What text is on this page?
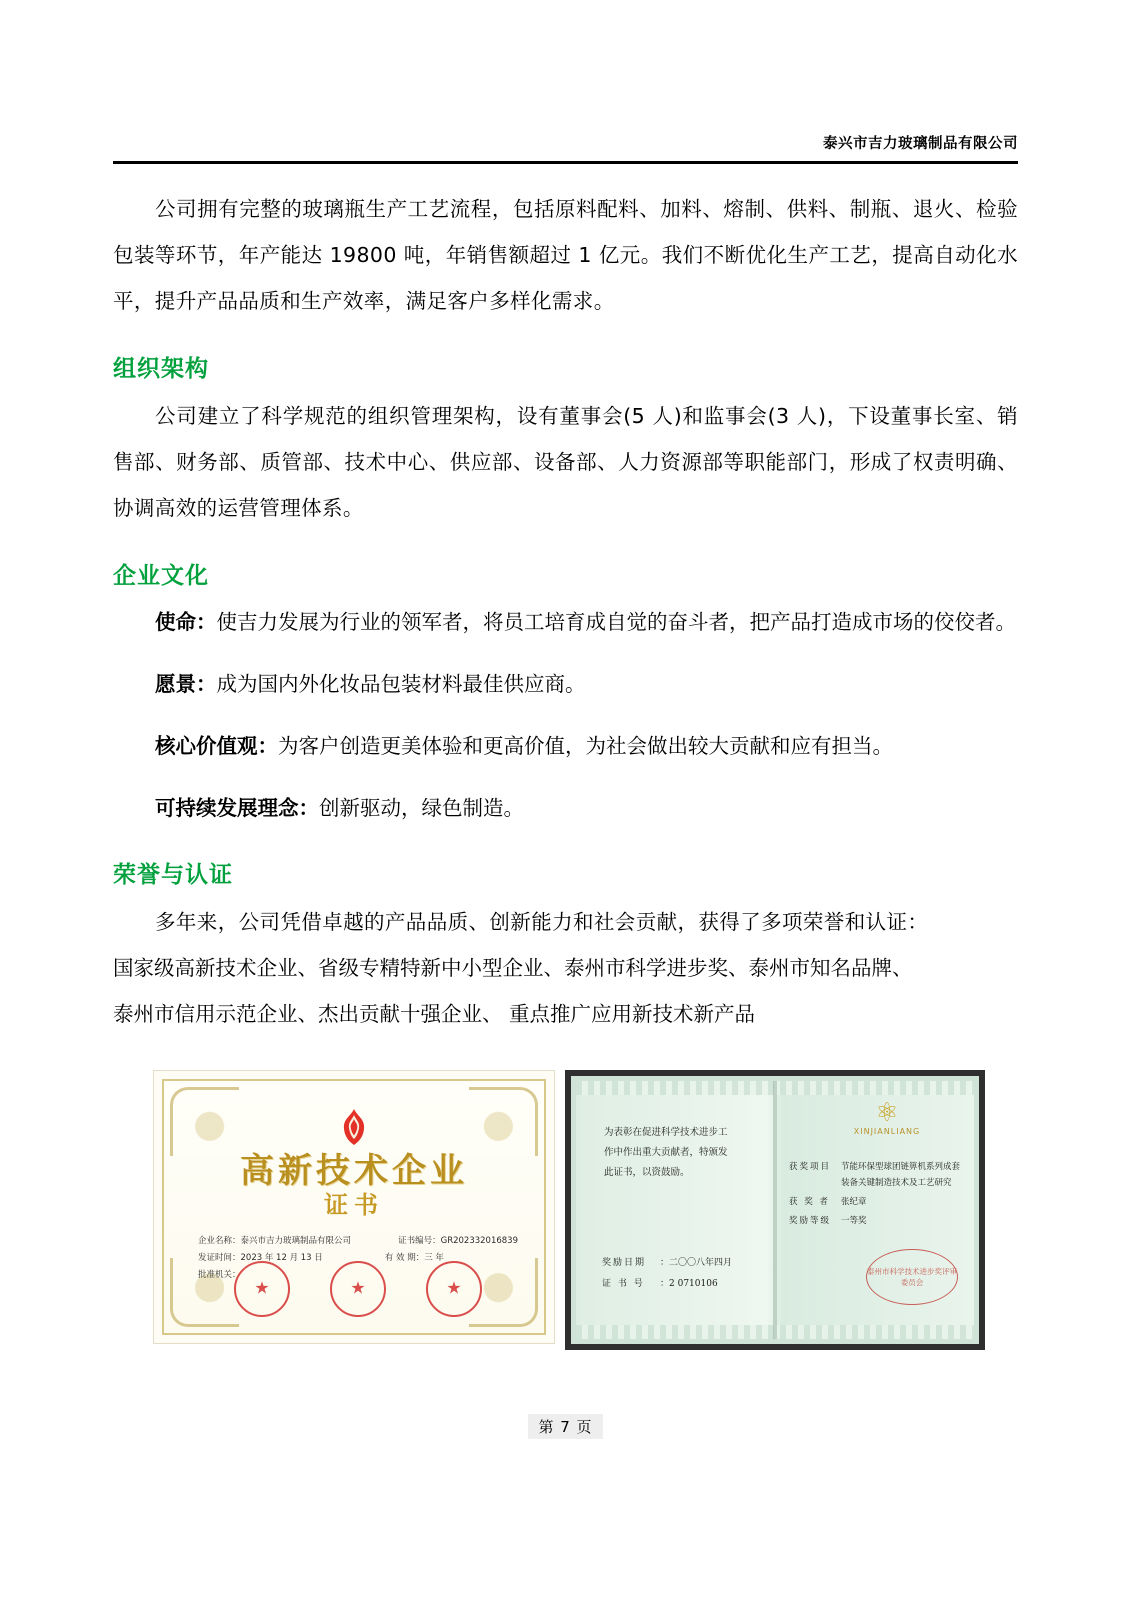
泰兴市吉力玻璃制品有限公司

公司拥有完整的玻璃瓶生产工艺流程，包括原料配料、加料、熔制、供料、制瓶、退火、检验包装等环节，年产能达 19800 吨，年销售额超过 1 亿元。我们不断优化生产工艺，提高自动化水平，提升产品品质和生产效率，满足客户多样化需求。

组织架构

公司建立了科学规范的组织管理架构，设有董事会(5 人)和监事会(3 人)，下设董事长室、销售部、财务部、质管部、技术中心、供应部、设备部、人力资源部等职能部门，形成了权责明确、协调高效的运营管理体系。

企业文化

使命：使吉力发展为行业的领军者，将员工培育成自觉的奋斗者，把产品打造成市场的佼佼者。

愿景：成为国内外化妆品包装材料最佳供应商。

核心价值观：为客户创造更美体验和更高价值，为社会做出较大贡献和应有担当。

可持续发展理念：创新驱动，绿色制造。

荣誉与认证

多年来，公司凭借卓越的产品品质、创新能力和社会贡献，获得了多项荣誉和认证：

国家级高新技术企业、省级专精特新中小型企业、泰州市科学进步奖、泰州市知名品牌、

泰州市信用示范企业、杰出贡献十强企业、 重点推广应用新技术新产品

高新技术企业
证书
企业名称： 泰兴市吉力玻璃制品有限公司	证书编号： GR202332016839
发证时间： 2023 年 12 月 13 日	有 效 期： 三 年
批准机关：
★	★	★
为表彰在促进科学技术进步工作中作出重大贡献者，特颁发此证书，以资鼓励。
奖励日期	： 二〇〇八年四月
证 书 号	： 2 0710106
⚛
XINJIANLIANG
获奖项目	节能环保型球团链箅机系列成套装备关键制造技术及工艺研究
获 奖 者	张纪章
奖励等级	一等奖
泰州市科学技术进步奖评审委员会
第 7 页
